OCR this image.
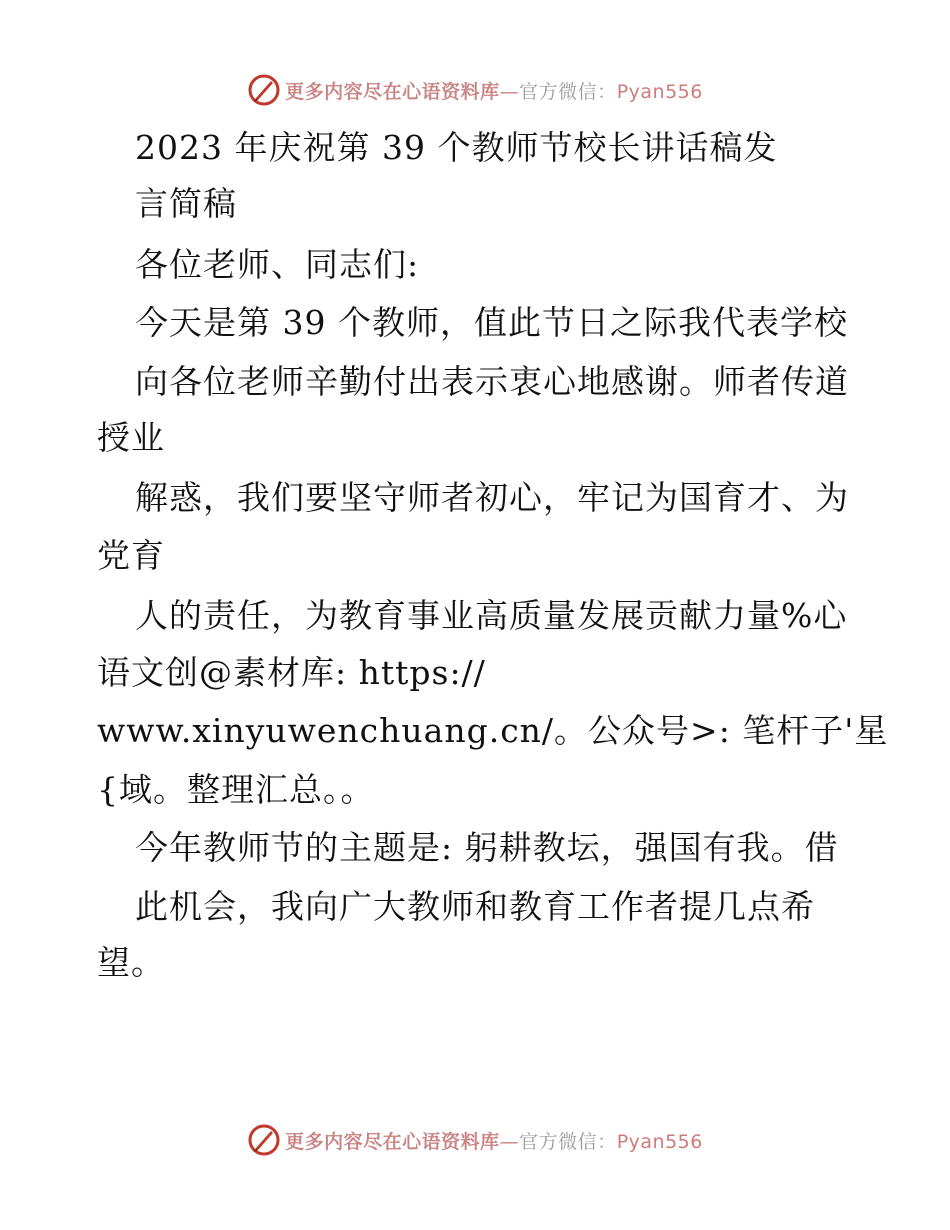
更多内容尽在心语资料库—官方微信：Pyan556
2023 年庆祝第 39 个教师节校长讲话稿发
言简稿
各位老师、同志们:
今天是第 39 个教师，值此节日之际我代表学校
向各位老师辛勤付出表示衷心地感谢。师者传道
授业
解惑，我们要坚守师者初心，牢记为国育才、为
党育
人的责任，为教育事业高质量发展贡献力量%心
语文创@素材库: https://
www.xinyuwenchuang.cn/。公众号>: 笔杆子'星
{域。整理汇总。。
今年教师节的主题是: 躬耕教坛，强国有我。借
此机会，我向广大教师和教育工作者提几点希
望。
更多内容尽在心语资料库—官方微信：Pyan556
